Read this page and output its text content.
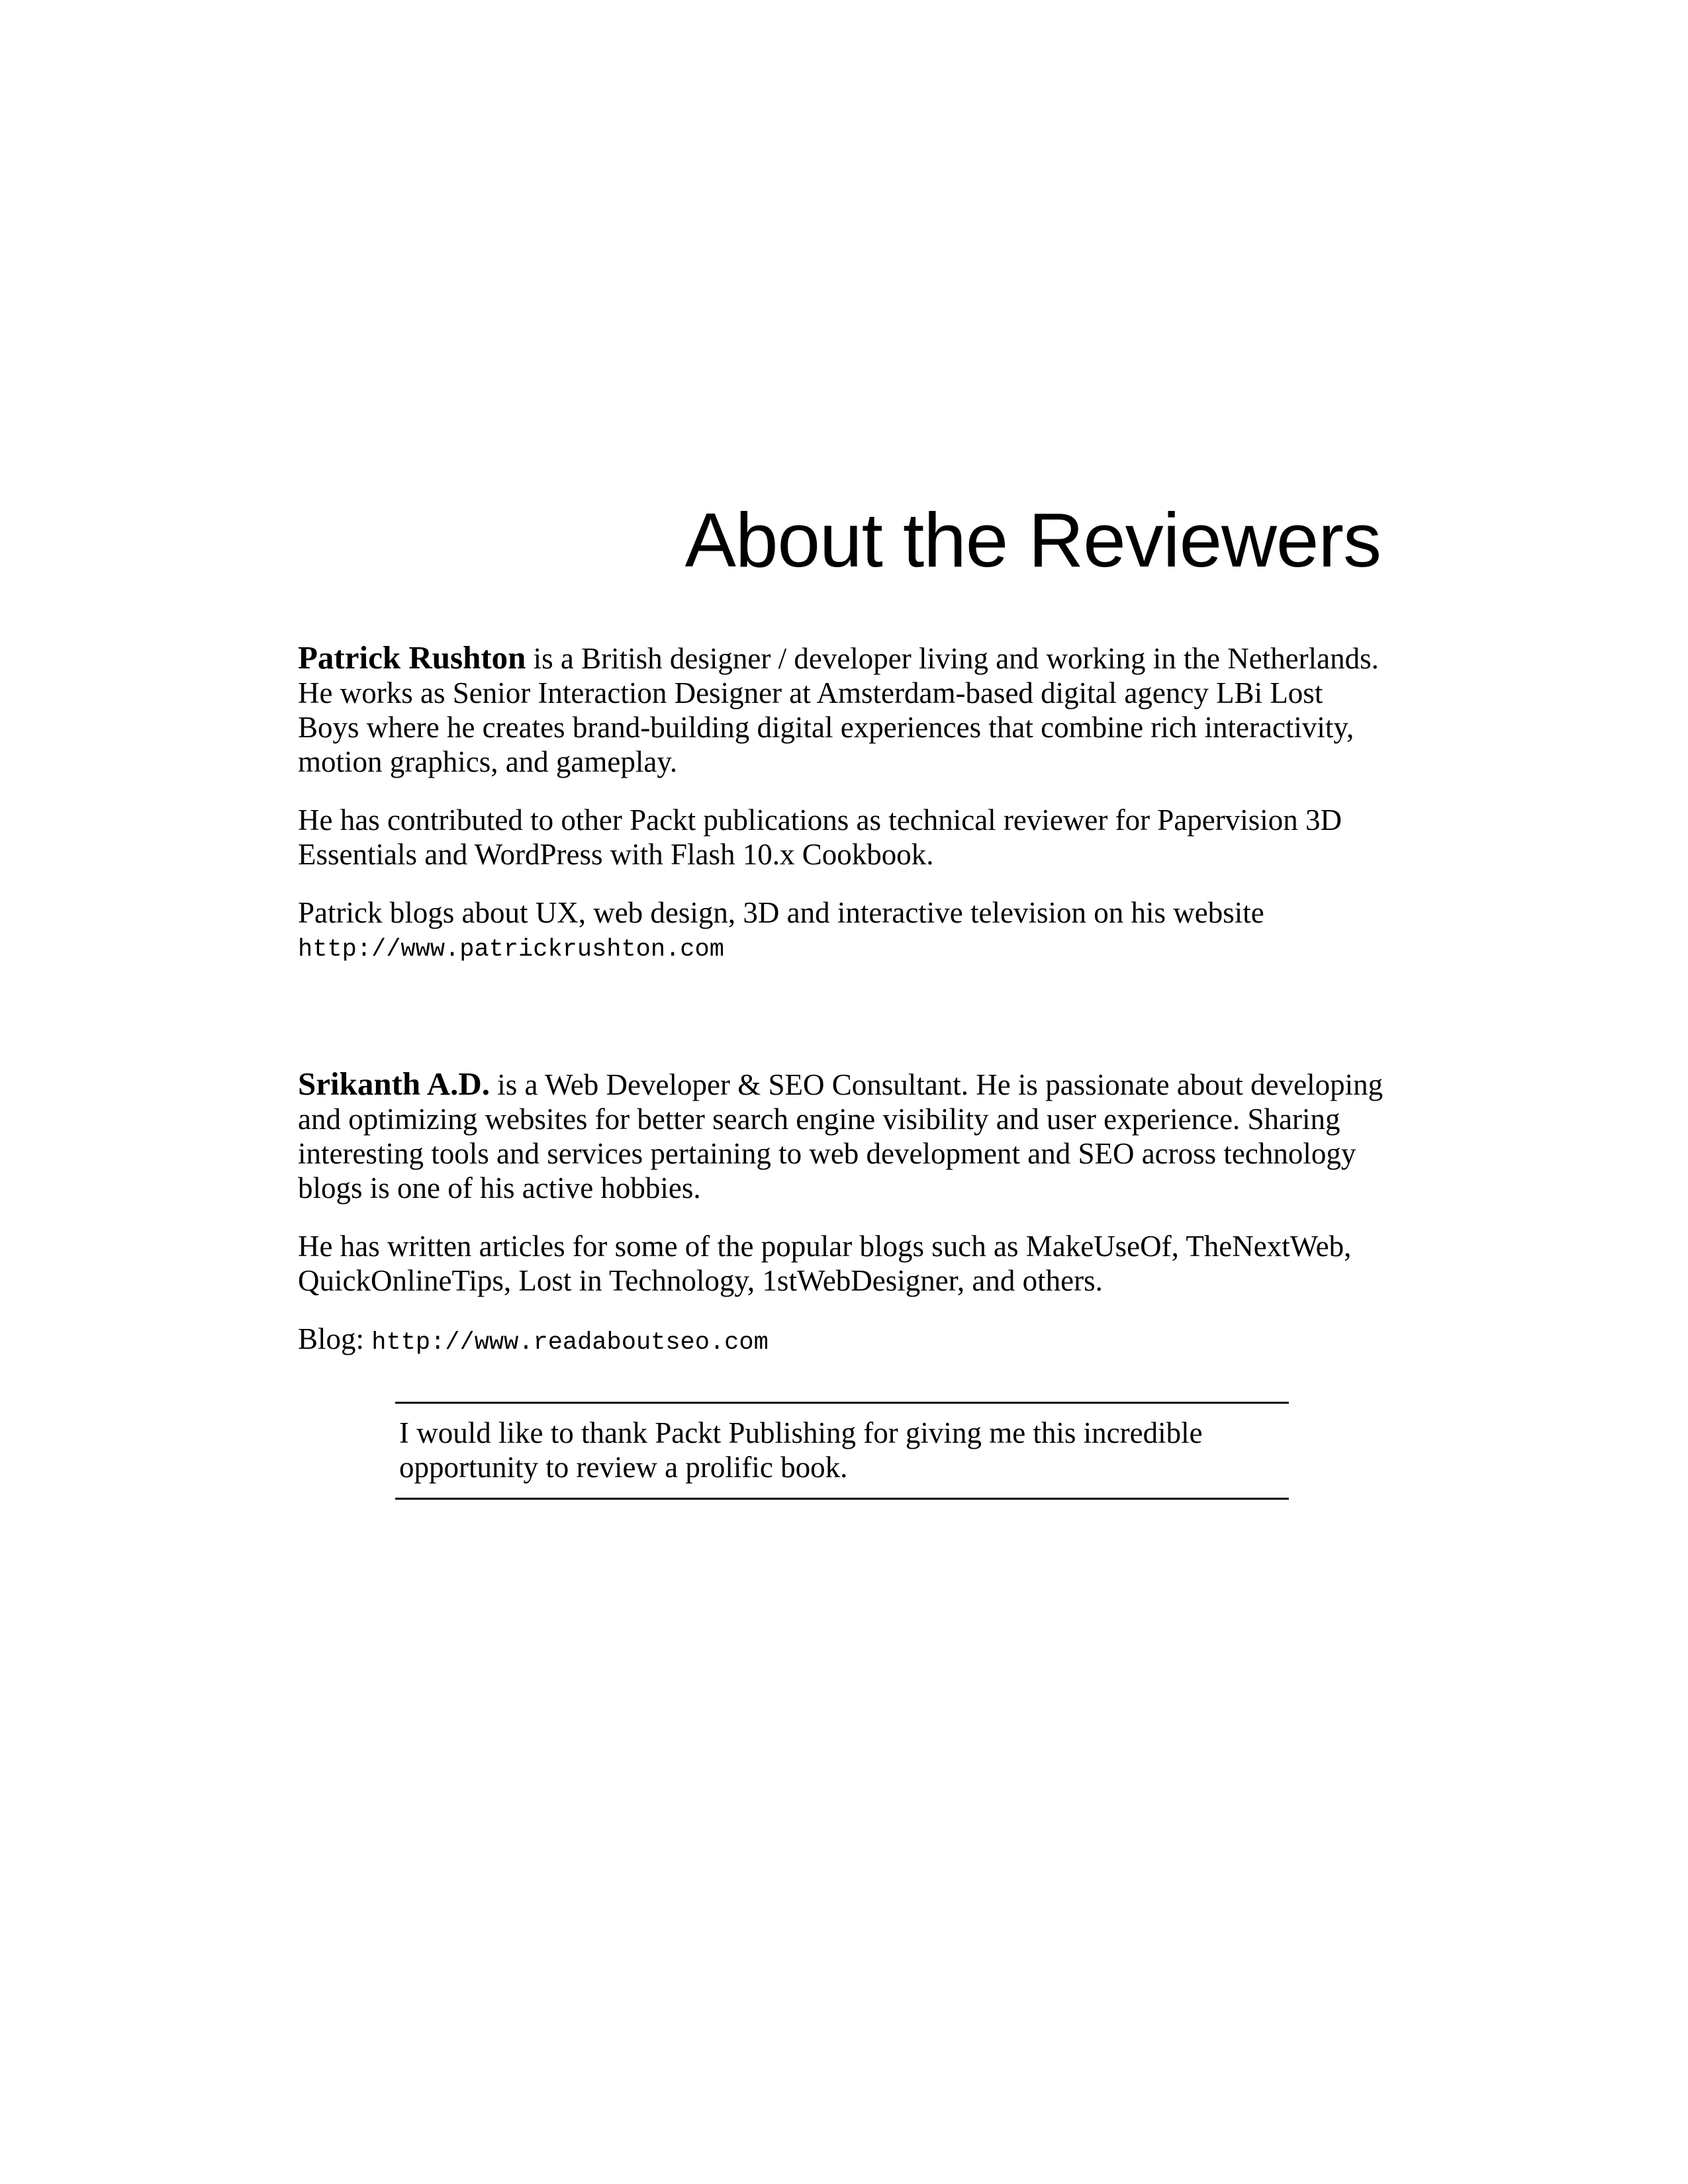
About the Reviewers

Patrick Rushton is a British designer / developer living and working in the Netherlands. He works as Senior Interaction Designer at Amsterdam-based digital agency LBi Lost Boys where he creates brand-building digital experiences that combine rich interactivity, motion graphics, and gameplay.

He has contributed to other Packt publications as technical reviewer for Papervision 3D Essentials and WordPress with Flash 10.x Cookbook.

Patrick blogs about UX, web design, 3D and interactive television on his website
http://www.patrickrushton.com

Srikanth A.D. is a Web Developer & SEO Consultant. He is passionate about developing and optimizing websites for better search engine visibility and user experience. Sharing interesting tools and services pertaining to web development and SEO across technology blogs is one of his active hobbies.

He has written articles for some of the popular blogs such as MakeUseOf, TheNextWeb, QuickOnlineTips, Lost in Technology, 1stWebDesigner, and others.

Blog: http://www.readaboutseo.com

I would like to thank Packt Publishing for giving me this incredible opportunity to review a prolific book.
